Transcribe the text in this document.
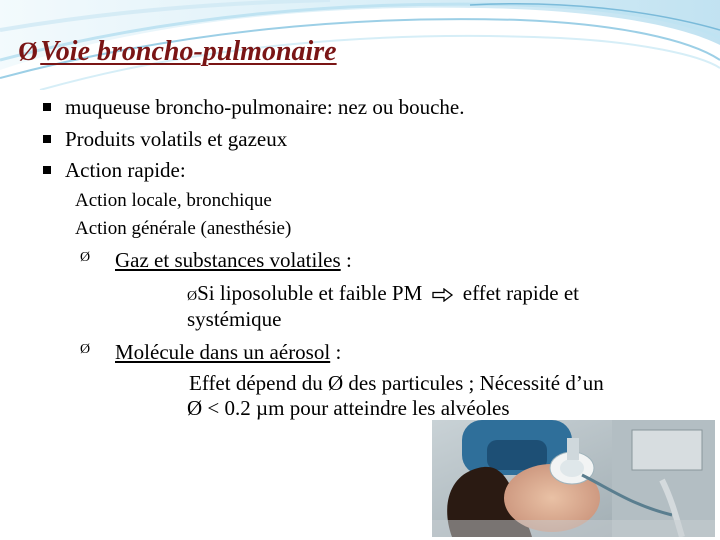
ØVoie broncho-pulmonaire
muqueuse broncho-pulmonaire: nez ou bouche.
Produits volatils et gazeux
Action rapide:
Action locale, bronchique
Action générale (anesthésie)
Ø Gaz et substances volatiles :
ØSi liposoluble et faible PM effet rapide et
systémique
Ø Molécule dans un aérosol :
Effet dépend du Ø des particules ; Nécessité d’un
Ø < 0.2 µm pour atteindre les alvéoles
